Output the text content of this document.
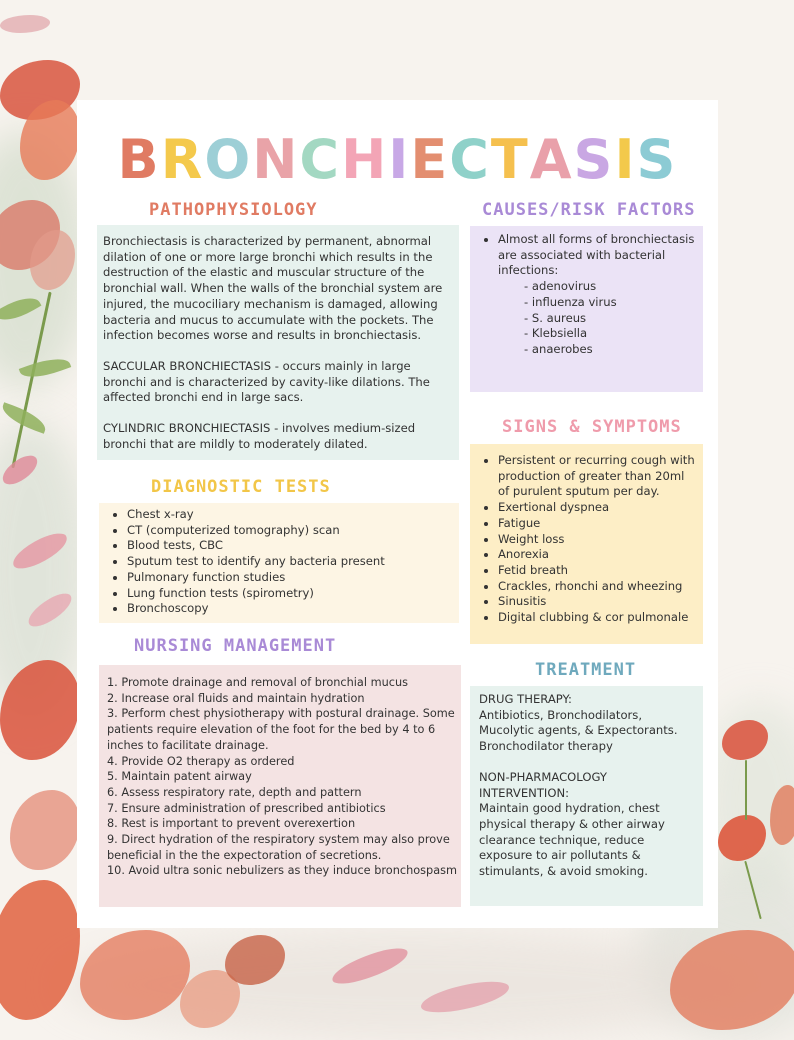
BRONCHIECTASIS
PATHOPHYSIOLOGY

Bronchiectasis is characterized by permanent, abnormal dilation of one or more large bronchi which results in the destruction of the elastic and muscular structure of the bronchial wall. When the walls of the bronchial system are injured, the mucociliary mechanism is damaged, allowing bacteria and mucus to accumulate with the pockets. The infection becomes worse and results in bronchiectasis.

SACCULAR BRONCHIECTASIS - occurs mainly in large bronchi and is characterized by cavity-like dilations. The affected bronchi end in large sacs.

CYLINDRIC BRONCHIECTASIS - involves medium-sized bronchi that are mildly to moderately dilated.

CAUSES/RISK FACTORS
• Almost all forms of bronchiectasis are associated with bacterial infections:
- adenovirus
- influenza virus
- S. aureus
- Klebsiella
- anaerobes
SIGNS & SYMPTOMS
• Persistent or recurring cough with production of greater than 20ml of purulent sputum per day.
• Exertional dyspnea
• Fatigue
• Weight loss
• Anorexia
• Fetid breath
• Crackles, rhonchi and wheezing
• Sinusitis
• Digital clubbing & cor pulmonale
DIAGNOSTIC TESTS
• Chest x-ray
• CT (computerized tomography) scan
• Blood tests, CBC
• Sputum test to identify any bacteria present
• Pulmonary function studies
• Lung function tests (spirometry)
• Bronchoscopy
NURSING MANAGEMENT
1. Promote drainage and removal of bronchial mucus
2. Increase oral fluids and maintain hydration
3. Perform chest physiotherapy with postural drainage. Some patients require elevation of the foot for the bed by 4 to 6 inches to facilitate drainage.
4. Provide O2 therapy as ordered
5. Maintain patent airway
6. Assess respiratory rate, depth and pattern
7. Ensure administration of prescribed antibiotics
8. Rest is important to prevent overexertion
9. Direct hydration of the respiratory system may also prove beneficial in the the expectoration of secretions.
10. Avoid ultra sonic nebulizers as they induce bronchospasm
TREATMENT

DRUG THERAPY:

Antibiotics, Bronchodilators, Mucolytic agents, & Expectorants. Bronchodilator therapy

NON-PHARMACOLOGY INTERVENTION:

Maintain good hydration, chest physical therapy & other airway clearance technique, reduce exposure to air pollutants & stimulants, & avoid smoking.
